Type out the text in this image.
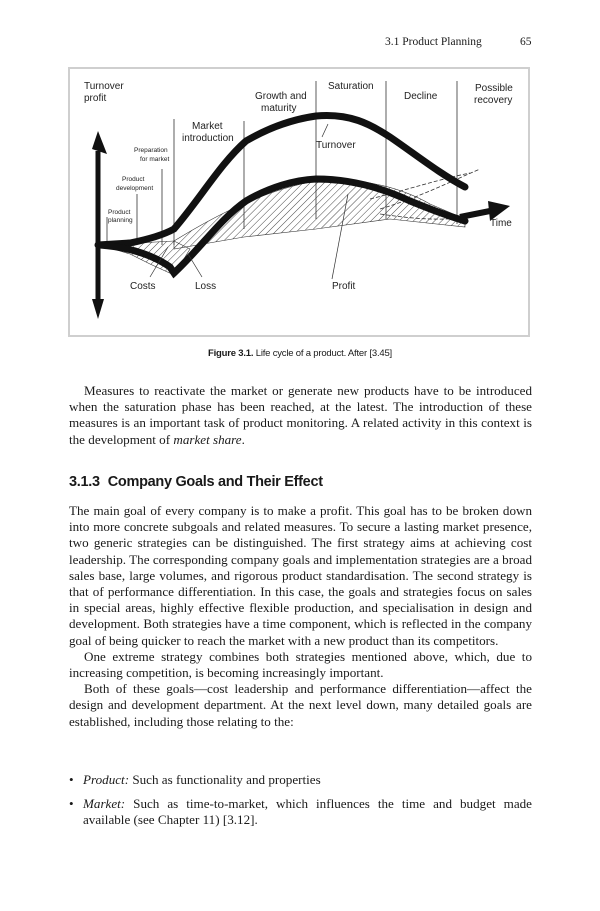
3.1 Product Planning	65
Turnover
profit
Product
planning
Product
development
Preparation
for market
Market
introduction
Growth and
maturity
Saturation
Decline
Possible
recovery
Turnover
Profit
Costs	Loss
Time
Figure 3.1. Life cycle of a product. After [3.45]

Measures to reactivate the market or generate new products have to be introduced when the saturation phase has been reached, at the latest. The introduction of these measures is an important task of product monitoring. A related activity in this context is the development of market share.

3.1.3 Company Goals and Their Effect

The main goal of every company is to make a profit. This goal has to be broken down into more concrete subgoals and related measures. To secure a lasting market presence, two generic strategies can be distinguished. The first strategy aims at achieving cost leadership. The corresponding company goals and implementation strategies are a broad sales base, large volumes, and rigorous product standardisation. The second strategy is that of performance differentiation. In this case, the goals and strategies focus on sales in special areas, highly effective flexible production, and specialisation in design and development. Both strategies have a time component, which is reflected in the company goal of being quicker to reach the market with a new product than its competitors.

One extreme strategy combines both strategies mentioned above, which, due to increasing competition, is becoming increasingly important.

Both of these goals—cost leadership and performance differentiation—affect the design and development department. At the next level down, many detailed goals are established, including those relating to the:

• Product: Such as functionality and properties
• Market: Such as time-to-market, which influences the time and budget made available (see Chapter 11) [3.12].
